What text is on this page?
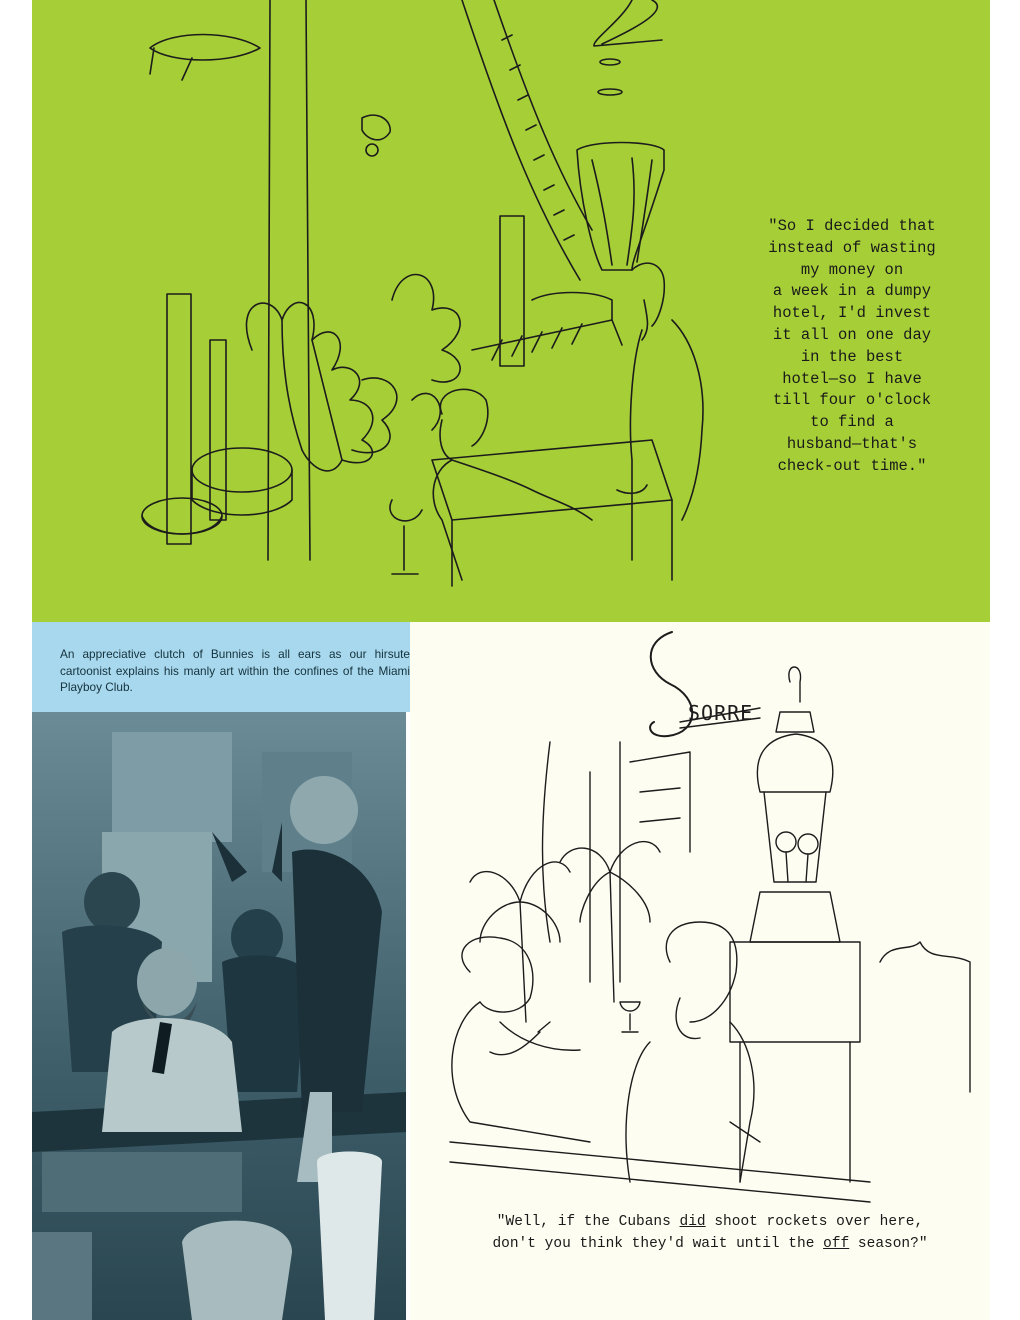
"So I decided that
instead of wasting
my money on
a week in a dumpy
hotel, I'd invest
it all on one day
in the best
hotel—so I have
till four o'clock
to find a
husband—that's
check-out time."

An appreciative clutch of Bunnies is all ears as our hirsute cartoonist explains his manly art within the confines of the Miami Playboy Club.

SORRE

"Well, if the Cubans did shoot rockets over here,
don't you think they'd wait until the off season?"
